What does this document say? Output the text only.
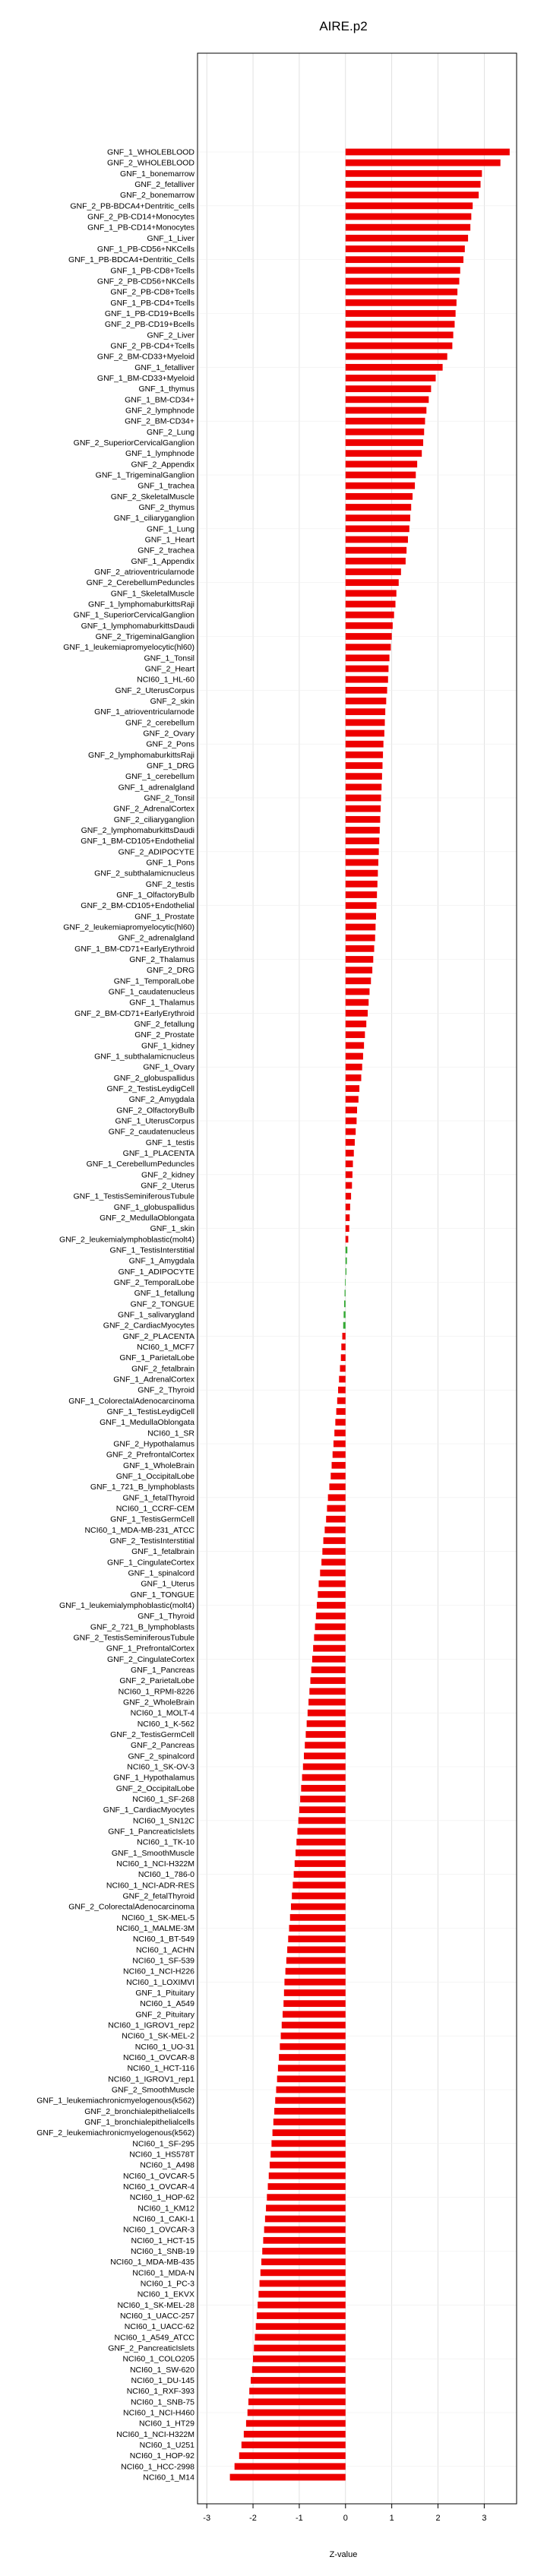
AIRE.p2
GNF_1_WHOLEBLOOD
GNF_2_WHOLEBLOOD
GNF_1_bonemarrow
GNF_2_fetalliver
GNF_2_bonemarrow
GNF_2_PB-BDCA4+Dentritic_cells
GNF_2_PB-CD14+Monocytes
GNF_1_PB-CD14+Monocytes
GNF_1_Liver
GNF_1_PB-CD56+NKCells
GNF_1_PB-BDCA4+Dentritic_Cells
GNF_1_PB-CD8+Tcells
GNF_2_PB-CD56+NKCells
GNF_2_PB-CD8+Tcells
GNF_1_PB-CD4+Tcells
GNF_1_PB-CD19+Bcells
GNF_2_PB-CD19+Bcells
GNF_2_Liver
GNF_2_PB-CD4+Tcells
GNF_2_BM-CD33+Myeloid
GNF_1_fetalliver
GNF_1_BM-CD33+Myeloid
GNF_1_thymus
GNF_1_BM-CD34+
GNF_2_lymphnode
GNF_2_BM-CD34+
GNF_2_Lung
GNF_2_SuperiorCervicalGanglion
GNF_1_lymphnode
GNF_2_Appendix
GNF_1_TrigeminalGanglion
GNF_1_trachea
GNF_2_SkeletalMuscle
GNF_2_thymus
GNF_1_ciliaryganglion
GNF_1_Lung
GNF_1_Heart
GNF_2_trachea
GNF_1_Appendix
GNF_2_atrioventricularnode
GNF_2_CerebellumPeduncles
GNF_1_SkeletalMuscle
GNF_1_lymphomaburkittsRaji
GNF_1_SuperiorCervicalGanglion
GNF_1_lymphomaburkittsDaudi
GNF_2_TrigeminalGanglion
GNF_1_leukemiapromyelocytic(hl60)
GNF_1_Tonsil
GNF_2_Heart
NCI60_1_HL-60
GNF_2_UterusCorpus
GNF_2_skin
GNF_1_atrioventricularnode
GNF_2_cerebellum
GNF_2_Ovary
GNF_2_Pons
GNF_2_lymphomaburkittsRaji
GNF_1_DRG
GNF_1_cerebellum
GNF_1_adrenalgland
GNF_2_Tonsil
GNF_2_AdrenalCortex
GNF_2_ciliaryganglion
GNF_2_lymphomaburkittsDaudi
GNF_1_BM-CD105+Endothelial
GNF_2_ADIPOCYTE
GNF_1_Pons
GNF_2_subthalamicnucleus
GNF_2_testis
GNF_1_OlfactoryBulb
GNF_2_BM-CD105+Endothelial
GNF_1_Prostate
GNF_2_leukemiapromyelocytic(hl60)
GNF_2_adrenalgland
GNF_1_BM-CD71+EarlyErythroid
GNF_2_Thalamus
GNF_2_DRG
GNF_1_TemporalLobe
GNF_1_caudatenucleus
GNF_1_Thalamus
GNF_2_BM-CD71+EarlyErythroid
GNF_2_fetallung
GNF_2_Prostate
GNF_1_kidney
GNF_1_subthalamicnucleus
GNF_1_Ovary
GNF_2_globuspallidus
GNF_2_TestisLeydigCell
GNF_2_Amygdala
GNF_2_OlfactoryBulb
GNF_1_UterusCorpus
GNF_2_caudatenucleus
GNF_1_testis
GNF_1_PLACENTA
GNF_1_CerebellumPeduncles
GNF_2_kidney
GNF_2_Uterus
GNF_1_TestisSeminiferousTubule
GNF_1_globuspallidus
GNF_2_MedullaOblongata
GNF_1_skin
GNF_2_leukemialymphoblastic(molt4)
GNF_1_TestisInterstitial
GNF_1_Amygdala
GNF_1_ADIPOCYTE
GNF_2_TemporalLobe
GNF_1_fetallung
GNF_2_TONGUE
GNF_1_salivarygland
GNF_2_CardiacMyocytes
GNF_2_PLACENTA
NCI60_1_MCF7
GNF_1_ParietalLobe
GNF_2_fetalbrain
GNF_1_AdrenalCortex
GNF_2_Thyroid
GNF_1_ColorectalAdenocarcinoma
GNF_1_TestisLeydigCell
GNF_1_MedullaOblongata
NCI60_1_SR
GNF_2_Hypothalamus
GNF_2_PrefrontalCortex
GNF_1_WholeBrain
GNF_1_OccipitalLobe
GNF_1_721_B_lymphoblasts
GNF_1_fetalThyroid
NCI60_1_CCRF-CEM
GNF_1_TestisGermCell
NCI60_1_MDA-MB-231_ATCC
GNF_2_TestisInterstitial
GNF_1_fetalbrain
GNF_1_CingulateCortex
GNF_1_spinalcord
GNF_1_Uterus
GNF_1_TONGUE
GNF_1_leukemialymphoblastic(molt4)
GNF_1_Thyroid
GNF_2_721_B_lymphoblasts
GNF_2_TestisSeminiferousTubule
GNF_1_PrefrontalCortex
GNF_2_CingulateCortex
GNF_1_Pancreas
GNF_2_ParietalLobe
NCI60_1_RPMI-8226
GNF_2_WholeBrain
NCI60_1_MOLT-4
NCI60_1_K-562
GNF_2_TestisGermCell
GNF_2_Pancreas
GNF_2_spinalcord
NCI60_1_SK-OV-3
GNF_1_Hypothalamus
GNF_2_OccipitalLobe
NCI60_1_SF-268
GNF_1_CardiacMyocytes
NCI60_1_SN12C
GNF_1_PancreaticIslets
NCI60_1_TK-10
GNF_1_SmoothMuscle
NCI60_1_NCI-H322M
NCI60_1_786-0
NCI60_1_NCI-ADR-RES
GNF_2_fetalThyroid
GNF_2_ColorectalAdenocarcinoma
NCI60_1_SK-MEL-5
NCI60_1_MALME-3M
NCI60_1_BT-549
NCI60_1_ACHN
NCI60_1_SF-539
NCI60_1_NCI-H226
NCI60_1_LOXIMVI
GNF_1_Pituitary
NCI60_1_A549
GNF_2_Pituitary
NCI60_1_IGROV1_rep2
NCI60_1_SK-MEL-2
NCI60_1_UO-31
NCI60_1_OVCAR-8
NCI60_1_HCT-116
NCI60_1_IGROV1_rep1
GNF_2_SmoothMuscle
GNF_1_leukemiachronicmyelogenous(k562)
GNF_2_bronchialepithelialcells
GNF_1_bronchialepithelialcells
GNF_2_leukemiachronicmyelogenous(k562)
NCI60_1_SF-295
NCI60_1_HS578T
NCI60_1_A498
NCI60_1_OVCAR-5
NCI60_1_OVCAR-4
NCI60_1_HOP-62
NCI60_1_KM12
NCI60_1_CAKI-1
NCI60_1_OVCAR-3
NCI60_1_HCT-15
NCI60_1_SNB-19
NCI60_1_MDA-MB-435
NCI60_1_MDA-N
NCI60_1_PC-3
NCI60_1_EKVX
NCI60_1_SK-MEL-28
NCI60_1_UACC-257
NCI60_1_UACC-62
NCI60_1_A549_ATCC
GNF_2_PancreaticIslets
NCI60_1_COLO205
NCI60_1_SW-620
NCI60_1_DU-145
NCI60_1_RXF-393
NCI60_1_SNB-75
NCI60_1_NCI-H460
NCI60_1_HT29
NCI60_1_NCI-H322M
NCI60_1_U251
NCI60_1_HOP-92
NCI60_1_HCC-2998
NCI60_1_M14
-3	-2	-1	0	1	2	3
Z-value
